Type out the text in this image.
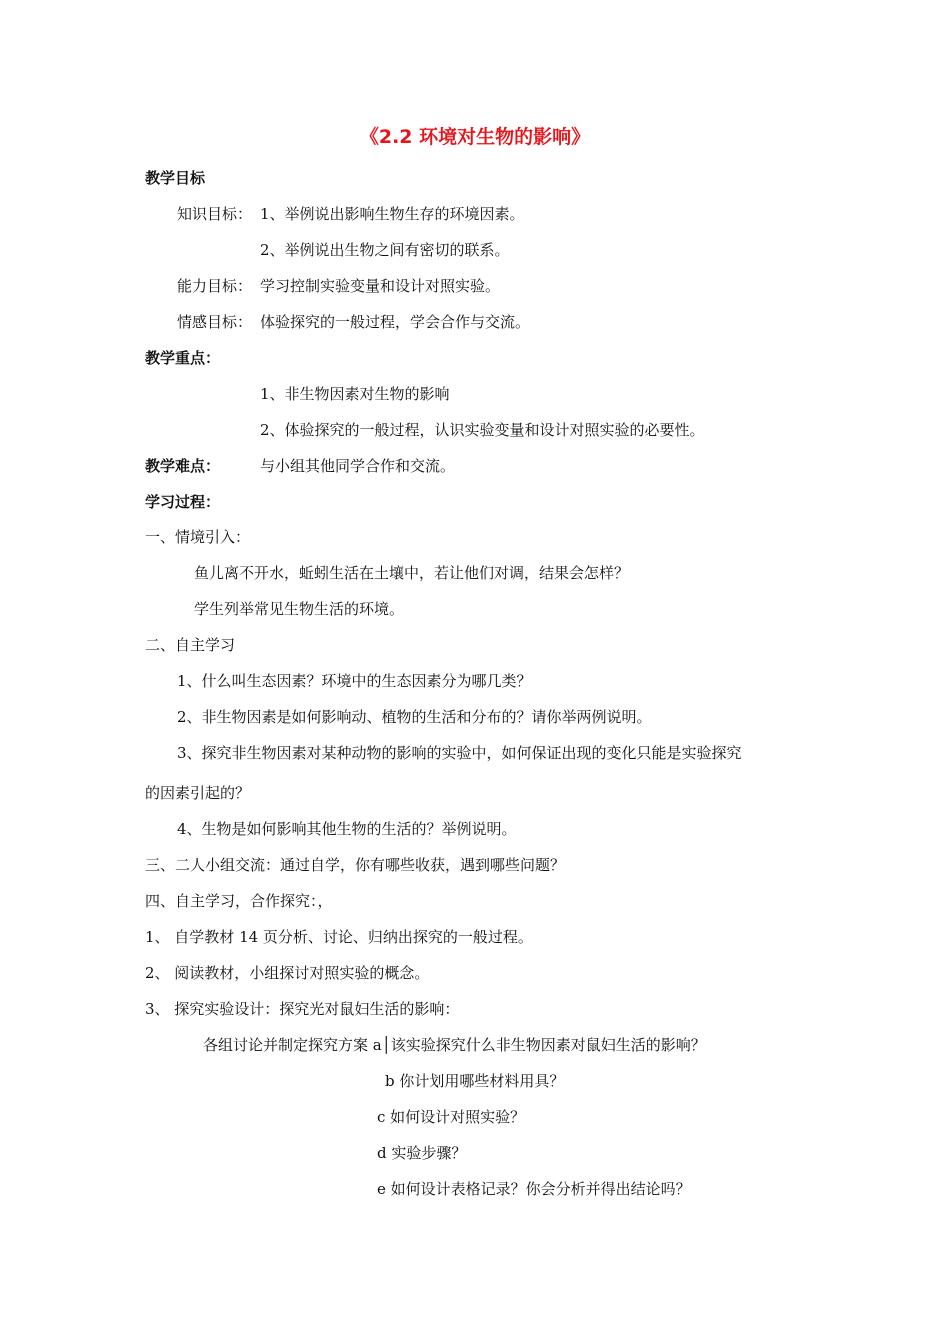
《2.2 环境对生物的影响》
教学目标
知识目标： 1、举例说出影响生物生存的环境因素。
2、举例说出生物之间有密切的联系。
能力目标： 学习控制实验变量和设计对照实验。
情感目标： 体验探究的一般过程，学会合作与交流。
教学重点：
1、非生物因素对生物的影响
2、体验探究的一般过程，认识实验变量和设计对照实验的必要性。
教学难点：	与小组其他同学合作和交流。
学习过程：
一、情境引入：
鱼儿离不开水，蚯蚓生活在土壤中，若让他们对调，结果会怎样？
学生列举常见生物生活的环境。
二、自主学习
1、什么叫生态因素？环境中的生态因素分为哪几类？
2、非生物因素是如何影响动、植物的生活和分布的？请你举两例说明。
3、探究非生物因素对某种动物的影响的实验中，如何保证出现的变化只能是实验探究
的因素引起的？
4、生物是如何影响其他生物的生活的？举例说明。
三、二人小组交流：通过自学，你有哪些收获，遇到哪些问题？
四、自主学习，合作探究：，
1、 自学教材 14 页分析、讨论、归纳出探究的一般过程。
2、 阅读教材，小组探讨对照实验的概念。
3、 探究实验设计：探究光对鼠妇生活的影响：
各组讨论并制定探究方案 a│该实验探究什么非生物因素对鼠妇生活的影响？
b 你计划用哪些材料用具？
c 如何设计对照实验？
d 实验步骤？
e 如何设计表格记录？你会分析并得出结论吗？
